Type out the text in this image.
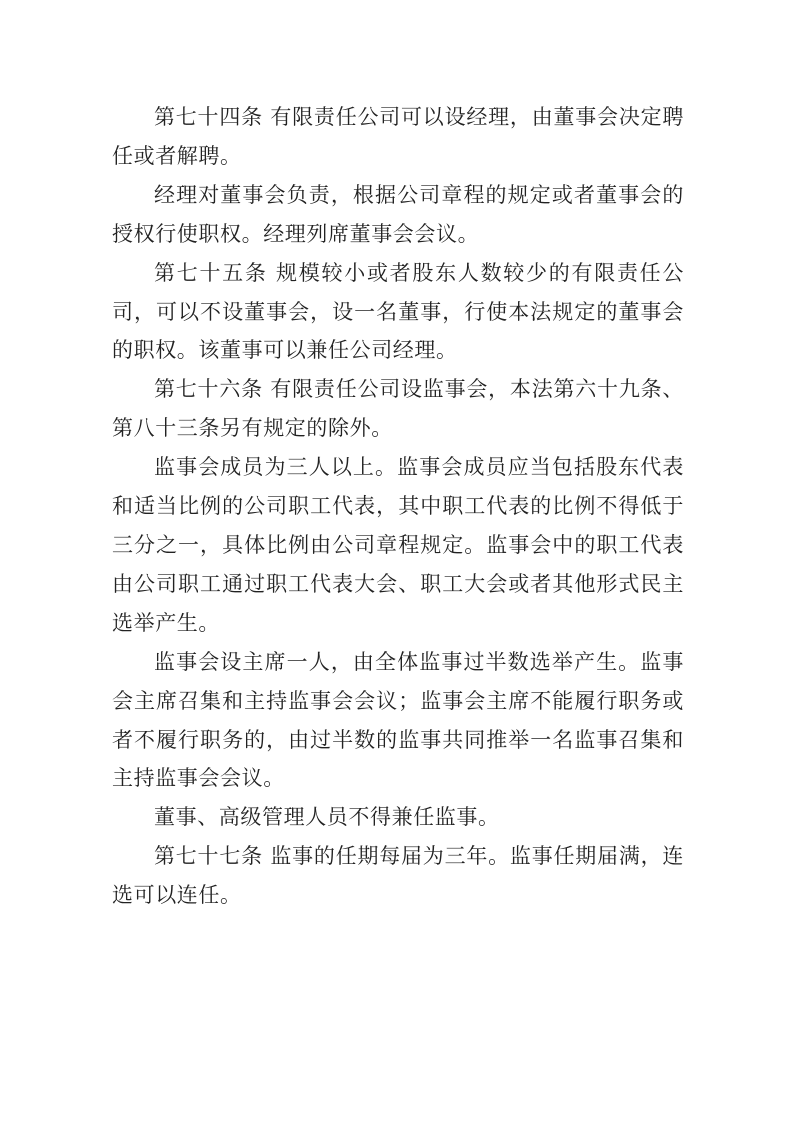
第七十四条 有限责任公司可以设经理，由董事会决定聘任或者解聘。

经理对董事会负责，根据公司章程的规定或者董事会的授权行使职权。经理列席董事会会议。

第七十五条 规模较小或者股东人数较少的有限责任公司，可以不设董事会，设一名董事，行使本法规定的董事会的职权。该董事可以兼任公司经理。

第七十六条 有限责任公司设监事会，本法第六十九条、第八十三条另有规定的除外。

监事会成员为三人以上。监事会成员应当包括股东代表和适当比例的公司职工代表，其中职工代表的比例不得低于三分之一，具体比例由公司章程规定。监事会中的职工代表由公司职工通过职工代表大会、职工大会或者其他形式民主选举产生。

监事会设主席一人，由全体监事过半数选举产生。监事会主席召集和主持监事会会议；监事会主席不能履行职务或者不履行职务的，由过半数的监事共同推举一名监事召集和主持监事会会议。

董事、高级管理人员不得兼任监事。

第七十七条 监事的任期每届为三年。监事任期届满，连选可以连任。
